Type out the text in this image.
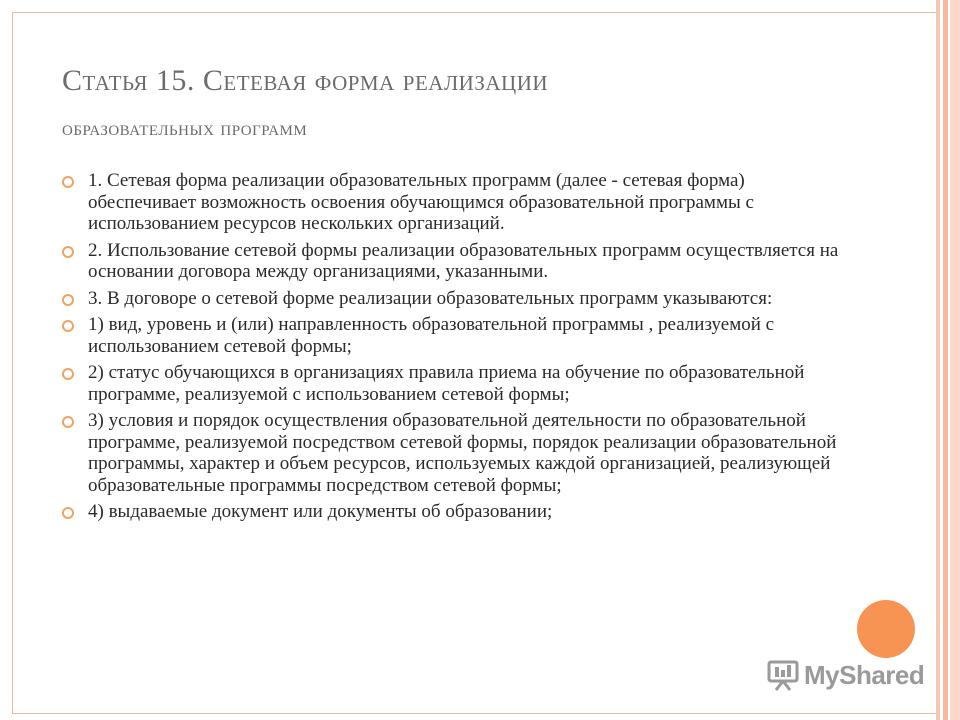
Статья 15. Сетевая форма реализации
образовательных программ
1. Сетевая форма реализации образовательных программ (далее - сетевая форма) обеспечивает возможность освоения обучающимся образовательной программы с использованием ресурсов нескольких организаций.
2. Использование сетевой формы реализации образовательных программ осуществляется на основании договора между организациями, указанными.
3. В договоре о сетевой форме реализации образовательных программ указываются:
1) вид, уровень и (или) направленность образовательной программы , реализуемой с использованием сетевой формы;
2) статус обучающихся в организациях правила приема на обучение по образовательной программе, реализуемой с использованием сетевой формы;
3) условия и порядок осуществления образовательной деятельности по образовательной программе, реализуемой посредством сетевой формы, порядок реализации образовательной программы, характер и объем ресурсов, используемых каждой организацией, реализующей образовательные программы посредством сетевой формы;
4) выдаваемые документ или документы об образовании;
MyShared
